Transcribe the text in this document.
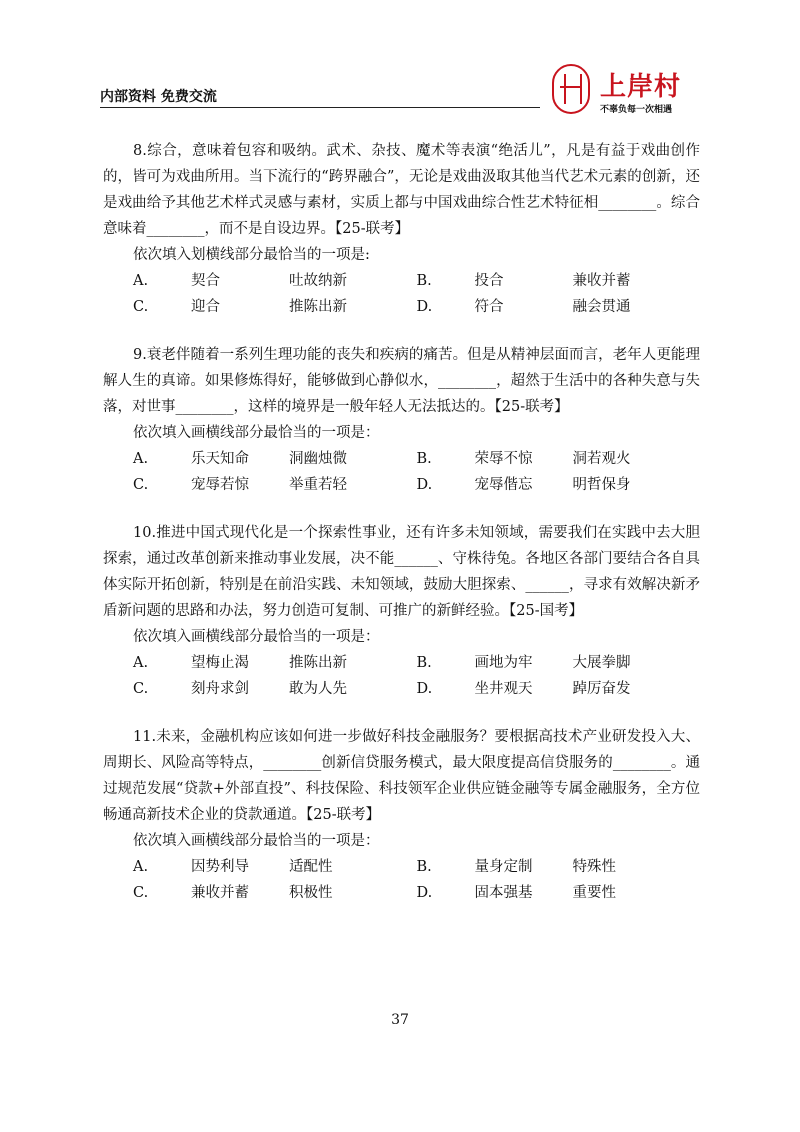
内部资料 免费交流	上岸村
不辜负每一次相遇

8.综合，意味着包容和吸纳。武术、杂技、魔术等表演“绝活儿”，凡是有益于戏曲创作的，皆可为戏曲所用。当下流行的“跨界融合”，无论是戏曲汲取其他当代艺术元素的创新，还是戏曲给予其他艺术样式灵感与素材，实质上都与中国戏曲综合性艺术特征相________。综合意味着________，而不是自设边界。【25-联考】

依次填入划横线部分最恰当的一项是:

A.	契合	吐故纳新	B.	投合	兼收并蓄
C.	迎合	推陈出新	D.	符合	融会贯通

9.衰老伴随着一系列生理功能的丧失和疾病的痛苦。但是从精神层面而言，老年人更能理解人生的真谛。如果修炼得好，能够做到心静似水，________，超然于生活中的各种失意与失落，对世事________，这样的境界是一般年轻人无法抵达的。【25-联考】

依次填入画横线部分最恰当的一项是：

A.	乐天知命	洞幽烛微	B.	荣辱不惊	洞若观火
C.	宠辱若惊	举重若轻	D.	宠辱偕忘	明哲保身

10.推进中国式现代化是一个探索性事业，还有许多未知领域，需要我们在实践中去大胆探索，通过改革创新来推动事业发展，决不能______、守株待兔。各地区各部门要结合各自具体实际开拓创新，特别是在前沿实践、未知领域，鼓励大胆探索、______，寻求有效解决新矛盾新问题的思路和办法，努力创造可复制、可推广的新鲜经验。【25-国考】

依次填入画横线部分最恰当的一项是：

A.	望梅止渴	推陈出新	B.	画地为牢	大展拳脚
C.	刻舟求剑	敢为人先	D.	坐井观天	踔厉奋发

11.未来，金融机构应该如何进一步做好科技金融服务？要根据高技术产业研发投入大、周期长、风险高等特点，________创新信贷服务模式，最大限度提高信贷服务的________。通过规范发展“贷款+外部直投”、科技保险、科技领军企业供应链金融等专属金融服务，全方位畅通高新技术企业的贷款通道。【25-联考】

依次填入画横线部分最恰当的一项是：

A.	因势利导	适配性	B.	量身定制	特殊性
C.	兼收并蓄	积极性	D.	固本强基	重要性
37
